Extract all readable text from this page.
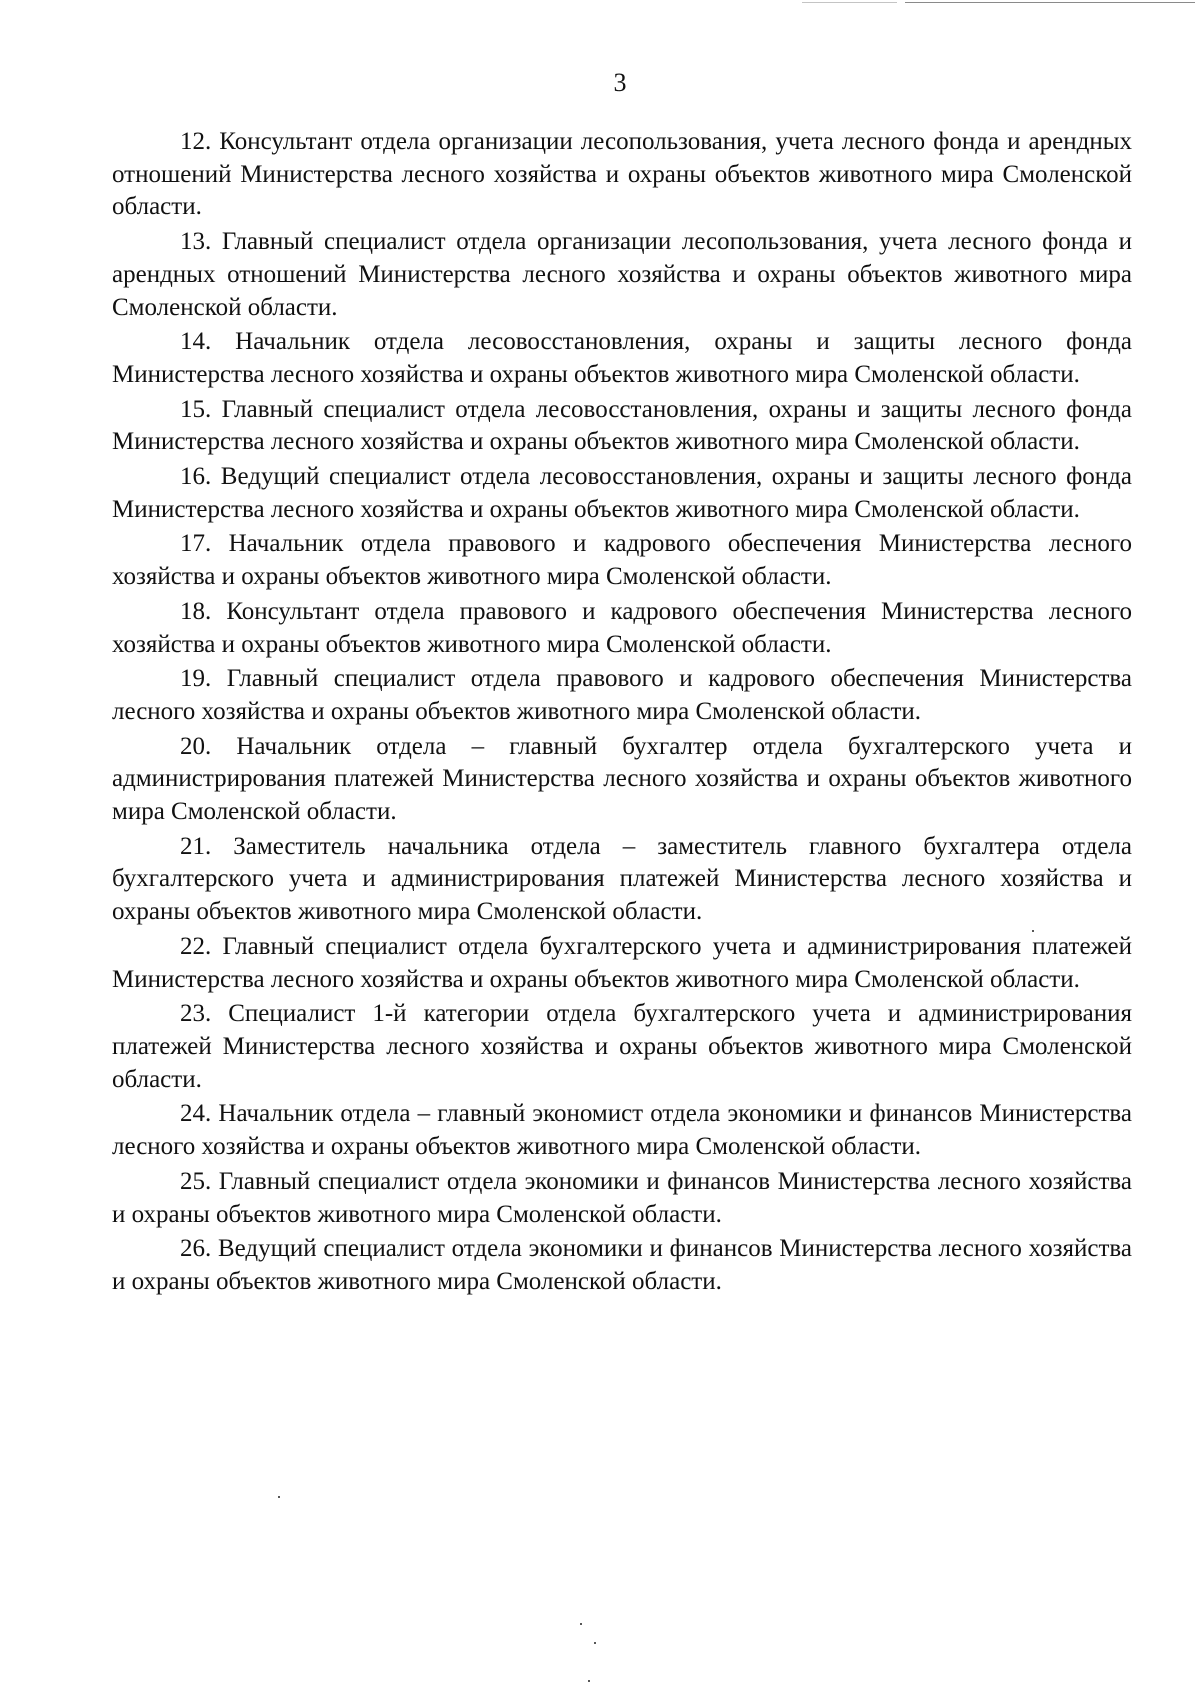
3

12. Консультант отдела организации лесопользования, учета лесного фонда и арендных отношений Министерства лесного хозяйства и охраны объектов животного мира Смоленской области.

13. Главный специалист отдела организации лесопользования, учета лесного фонда и арендных отношений Министерства лесного хозяйства и охраны объектов животного мира Смоленской области.

14. Начальник отдела лесовосстановления, охраны и защиты лесного фонда Министерства лесного хозяйства и охраны объектов животного мира Смоленской области.

15. Главный специалист отдела лесовосстановления, охраны и защиты лесного фонда Министерства лесного хозяйства и охраны объектов животного мира Смоленской области.

16. Ведущий специалист отдела лесовосстановления, охраны и защиты лесного фонда Министерства лесного хозяйства и охраны объектов животного мира Смоленской области.

17. Начальник отдела правового и кадрового обеспечения Министерства лесного хозяйства и охраны объектов животного мира Смоленской области.

18. Консультант отдела правового и кадрового обеспечения Министерства лесного хозяйства и охраны объектов животного мира Смоленской области.

19. Главный специалист отдела правового и кадрового обеспечения Министерства лесного хозяйства и охраны объектов животного мира Смоленской области.

20. Начальник отдела – главный бухгалтер отдела бухгалтерского учета и администрирования платежей Министерства лесного хозяйства и охраны объектов животного мира Смоленской области.

21. Заместитель начальника отдела – заместитель главного бухгалтера отдела бухгалтерского учета и администрирования платежей Министерства лесного хозяйства и охраны объектов животного мира Смоленской области.

22. Главный специалист отдела бухгалтерского учета и администрирования платежей Министерства лесного хозяйства и охраны объектов животного мира Смоленской области.

23. Специалист 1-й категории отдела бухгалтерского учета и администрирования платежей Министерства лесного хозяйства и охраны объектов животного мира Смоленской области.

24. Начальник отдела – главный экономист отдела экономики и финансов Министерства лесного хозяйства и охраны объектов животного мира Смоленской области.

25. Главный специалист отдела экономики и финансов Министерства лесного хозяйства и охраны объектов животного мира Смоленской области.

26. Ведущий специалист отдела экономики и финансов Министерства лесного хозяйства и охраны объектов животного мира Смоленской области.
